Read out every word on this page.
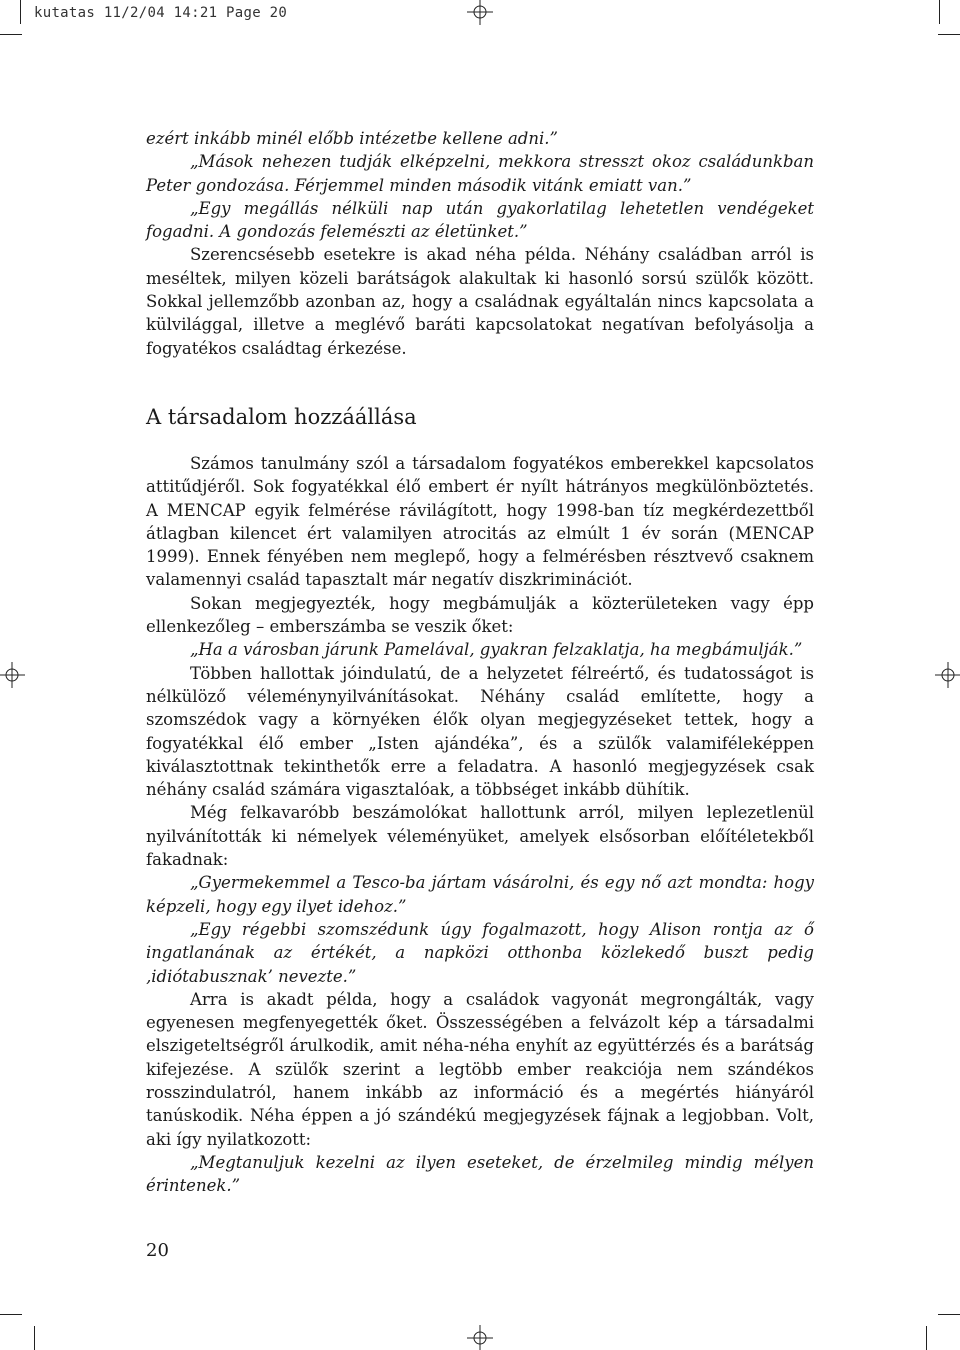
kutatas 11/2/04 14:21 Page 20

ezért inkább minél előbb intézetbe kellene adni.”

„Mások nehezen tudják elképzelni, mekkora stresszt okoz családunkban Peter gondozása. Férjemmel minden második vitánk emiatt van.”

„Egy megállás nélküli nap után gyakorlatilag lehetetlen vendégeket fogadni. A gondozás felemészti az életünket.”

Szerencsésebb esetekre is akad néha példa. Néhány családban arról is meséltek, milyen közeli barátságok alakultak ki hasonló sorsú szülők között. Sokkal jellemzőbb azonban az, hogy a családnak egyáltalán nincs kapcsolata a külvilággal, illetve a meglévő baráti kapcsolatokat negatívan befolyásolja a fogyatékos családtag érkezése.

A társadalom hozzáállása

Számos tanulmány szól a társadalom fogyatékos emberekkel kapcsolatos attitűdjéről. Sok fogyatékkal élő embert ér nyílt hátrányos megkülönböztetés. A MENCAP egyik felmérése rávilágított, hogy 1998-ban tíz megkérdezettből átlagban kilencet ért valamilyen atrocitás az elmúlt 1 év során (MENCAP 1999). Ennek fényében nem meglepő, hogy a felmérésben résztvevő csaknem valamennyi család tapasztalt már negatív diszkriminációt.

Sokan megjegyezték, hogy megbámulják a közterületeken vagy épp ellenkezőleg – emberszámba se veszik őket:

„Ha a városban járunk Pamelával, gyakran felzaklatja, ha megbámulják.”

Többen hallottak jóindulatú, de a helyzetet félreértő, és tudatosságot is nélkülöző véleménynyilvánításokat. Néhány család említette, hogy a szomszédok vagy a környéken élők olyan megjegyzéseket tettek, hogy a fogyatékkal élő ember „Isten ajándéka”, és a szülők valamiféleképpen kiválasztottnak tekinthetők erre a feladatra. A hasonló megjegyzések csak néhány család számára vigasztalóak, a többséget inkább dühítik.

Még felkavaróbb beszámolókat hallottunk arról, milyen leplezetlenül nyilvánították ki némelyek véleményüket, amelyek elsősorban előítéletekből fakadnak:

„Gyermekemmel a Tesco-ba jártam vásárolni, és egy nő azt mondta: hogy képzeli, hogy egy ilyet idehoz.”

„Egy régebbi szomszédunk úgy fogalmazott, hogy Alison rontja az ő ingatlanának az értékét, a napközi otthonba közlekedő buszt pedig ‚idiótabusznak’ nevezte.”

Arra is akadt példa, hogy a családok vagyonát megrongálták, vagy egyenesen megfenyegették őket. Összességében a felvázolt kép a társadalmi elszigeteltségről árulkodik, amit néha-néha enyhít az együttérzés és a barátság kifejezése. A szülők szerint a legtöbb ember reakciója nem szándékos rosszindulatról, hanem inkább az információ és a megértés hiányáról tanúskodik. Néha éppen a jó szándékú megjegyzések fájnak a legjobban. Volt, aki így nyilatkozott:

„Megtanuljuk kezelni az ilyen eseteket, de érzelmileg mindig mélyen érintenek.”

20
